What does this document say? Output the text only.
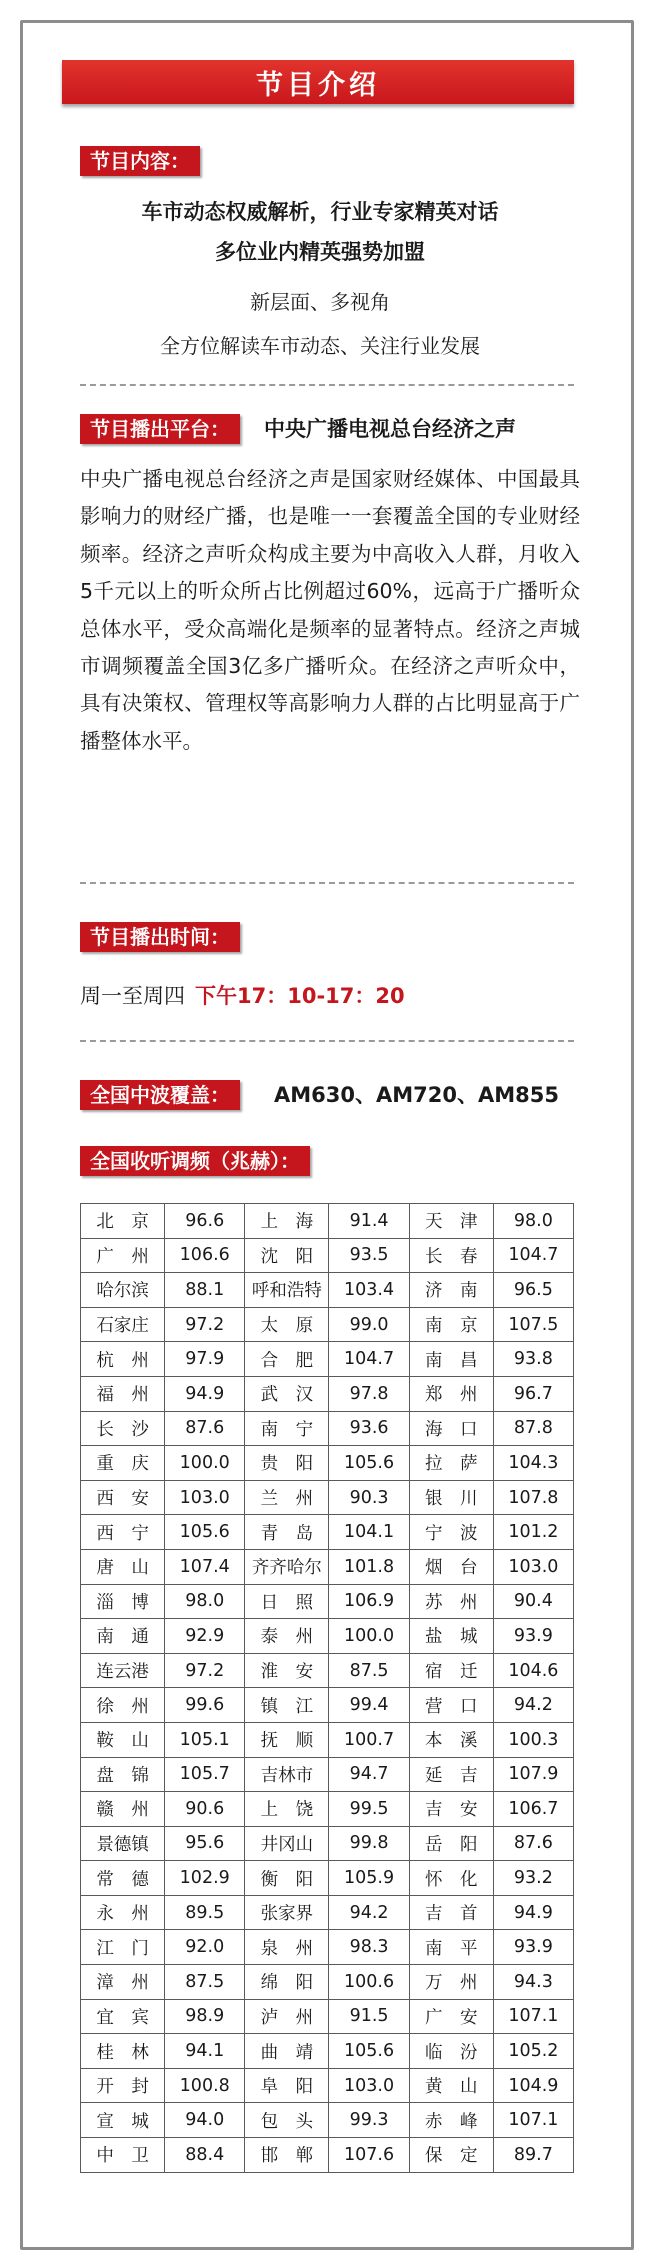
节目介绍
节目内容：
车市动态权威解析，行业专家精英对话
多位业内精英强势加盟
新层面、多视角
全方位解读车市动态、关注行业发展
节目播出平台：	中央广播电视总台经济之声

中央广播电视总台经济之声是国家财经媒体、中国最具影响力的财经广播，也是唯一一套覆盖全国的专业财经频率。经济之声听众构成主要为中高收入人群，月收入5千元以上的听众所占比例超过60%，远高于广播听众总体水平，受众高端化是频率的显著特点。经济之声城市调频覆盖全国3亿多广播听众。在经济之声听众中，具有决策权、管理权等高影响力人群的占比明显高于广播整体水平。

节目播出时间：
周一至周四 下午17：10-17：20
全国中波覆盖：	AM630、AM720、AM855
全国收听调频（兆赫）：
北　京	96.6	上　海	91.4	天　津	98.0
广　州	106.6	沈　阳	93.5	长　春	104.7
哈尔滨	88.1	呼和浩特	103.4	济　南	96.5
石家庄	97.2	太　原	99.0	南　京	107.5
杭　州	97.9	合　肥	104.7	南　昌	93.8
福　州	94.9	武　汉	97.8	郑　州	96.7
长　沙	87.6	南　宁	93.6	海　口	87.8
重　庆	100.0	贵　阳	105.6	拉　萨	104.3
西　安	103.0	兰　州	90.3	银　川	107.8
西　宁	105.6	青　岛	104.1	宁　波	101.2
唐　山	107.4	齐齐哈尔	101.8	烟　台	103.0
淄　博	98.0	日　照	106.9	苏　州	90.4
南　通	92.9	泰　州	100.0	盐　城	93.9
连云港	97.2	淮　安	87.5	宿　迁	104.6
徐　州	99.6	镇　江	99.4	营　口	94.2
鞍　山	105.1	抚　顺	100.7	本　溪	100.3
盘　锦	105.7	吉林市	94.7	延　吉	107.9
赣　州	90.6	上　饶	99.5	吉　安	106.7
景德镇	95.6	井冈山	99.8	岳　阳	87.6
常　德	102.9	衡　阳	105.9	怀　化	93.2
永　州	89.5	张家界	94.2	吉　首	94.9
江　门	92.0	泉　州	98.3	南　平	93.9
漳　州	87.5	绵　阳	100.6	万　州	94.3
宜　宾	98.9	泸　州	91.5	广　安	107.1
桂　林	94.1	曲　靖	105.6	临　汾	105.2
开　封	100.8	阜　阳	103.0	黄　山	104.9
宣　城	94.0	包　头	99.3	赤　峰	107.1
中　卫	88.4	邯　郸	107.6	保　定	89.7
